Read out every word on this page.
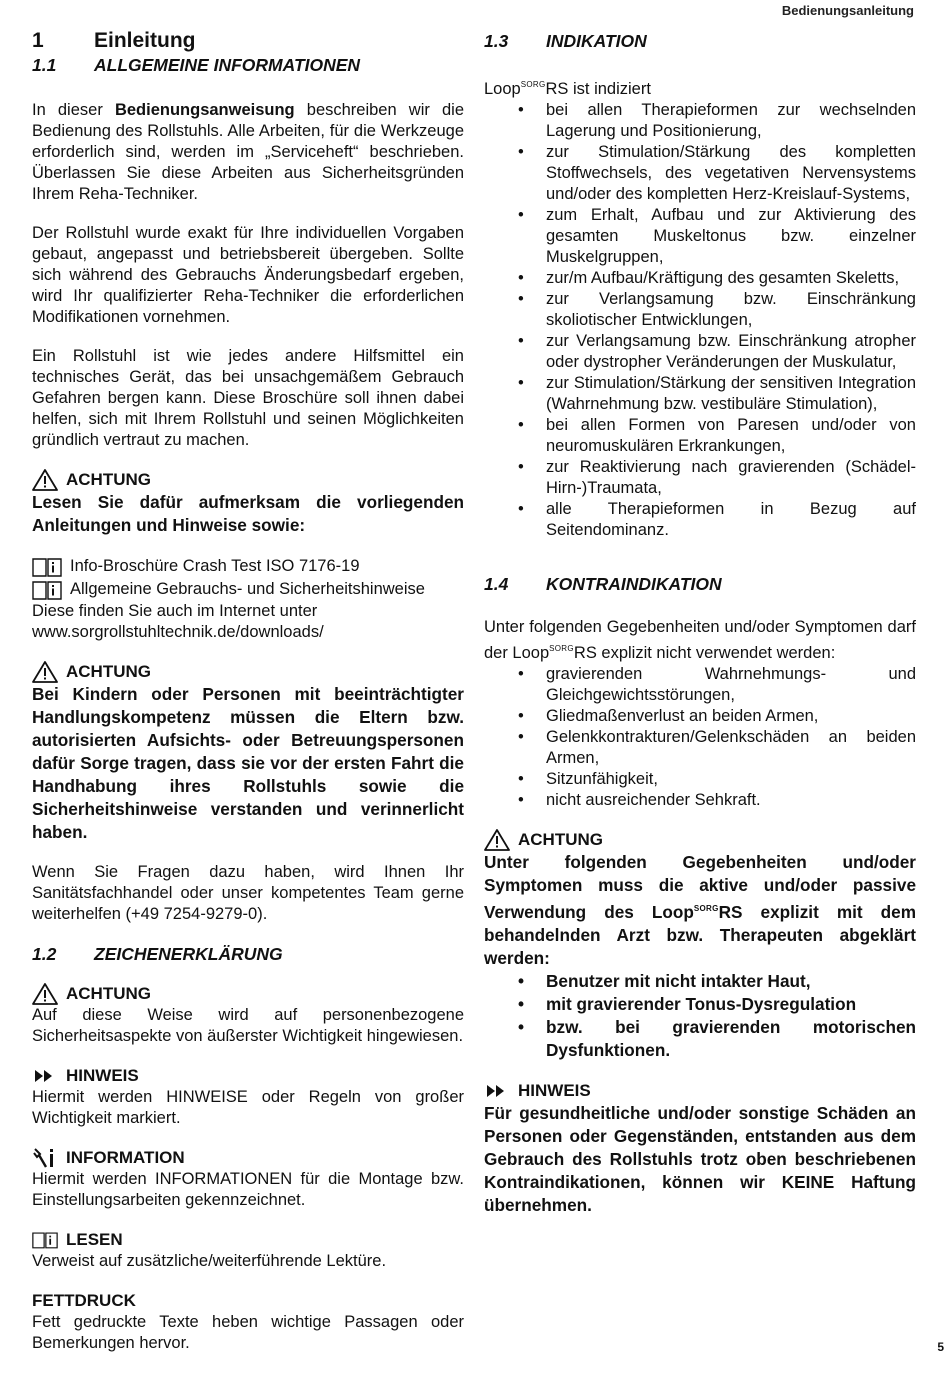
Bedienungsanleitung
1	Einleitung
1.1	ALLGEMEINE INFORMATIONEN

In dieser Bedienungsanweisung beschreiben wir die Bedienung des Rollstuhls. Alle Arbeiten, für die Werkzeuge erforderlich sind, werden im „Serviceheft“ beschrieben. Überlassen Sie diese Arbeiten aus Sicherheitsgründen Ihrem Reha-Techniker.

Der Rollstuhl wurde exakt für Ihre individuellen Vorgaben gebaut, angepasst und betriebsbereit übergeben. Sollte sich während des Gebrauchs Änderungsbedarf ergeben, wird Ihr qualifizierter Reha-Techniker die erforderlichen Modifikationen vornehmen.

Ein Rollstuhl ist wie jedes andere Hilfsmittel ein technisches Gerät, das bei unsachgemäßem Gebrauch Gefahren bergen kann. Diese Broschüre soll ihnen dabei helfen, sich mit Ihrem Rollstuhl und seinen Möglichkeiten gründlich vertraut zu machen.

ACHTUNG

Lesen Sie dafür aufmerksam die vorliegenden Anleitungen und Hinweise sowie:

Info-Broschüre Crash Test ISO 7176-19
Allgemeine Gebrauchs- und Sicherheitshinweise

Diese finden Sie auch im Internet unter

www.sorgrollstuhltechnik.de/downloads/

ACHTUNG

Bei Kindern oder Personen mit beeinträchtigter Handlungskompetenz müssen die Eltern bzw. autorisierten Aufsichts- oder Betreuungspersonen dafür Sorge tragen, dass sie vor der ersten Fahrt die Handhabung ihres Rollstuhls sowie die Sicherheitshinweise verstanden und verinnerlicht haben.

Wenn Sie Fragen dazu haben, wird Ihnen Ihr Sanitätsfachhandel oder unser kompetentes Team gerne weiterhelfen (+49 7254-9279-0).

1.2	ZEICHENERKLÄRUNG
ACHTUNG

Auf diese Weise wird auf personenbezogene Sicherheitsaspekte von äußerster Wichtigkeit hingewiesen.

HINWEIS

Hiermit werden HINWEISE oder Regeln von großer Wichtigkeit markiert.

INFORMATION

Hiermit werden INFORMATIONEN für die Montage bzw. Einstellungsarbeiten gekennzeichnet.

LESEN

Verweist auf zusätzliche/weiterführende Lektüre.

FETTDRUCK

Fett gedruckte Texte heben wichtige Passagen oder Bemerkungen hervor.

1.3	INDIKATION

Loop$^{SORG}$RS ist indiziert

• bei allen Therapieformen zur wechselnden Lagerung und Positionierung,
• zur Stimulation/Stärkung des kompletten Stoffwechsels, des vegetativen Nervensystems und/oder des kompletten Herz-Kreislauf-Systems,
• zum Erhalt, Aufbau und zur Aktivierung des gesamten Muskeltonus bzw. einzelner Muskelgruppen,
• zur/m Aufbau/Kräftigung des gesamten Skeletts,
• zur Verlangsamung bzw. Einschränkung skoliotischer Entwicklungen,
• zur Verlangsamung bzw. Einschränkung atropher oder dystropher Veränderungen der Muskulatur,
• zur Stimulation/Stärkung der sensitiven Integration (Wahrnehmung bzw. vestibuläre Stimulation),
• bei allen Formen von Paresen und/oder von neuromuskulären Erkrankungen,
• zur Reaktivierung nach gravierenden (Schädel-Hirn-)Traumata,
• alle Therapieformen in Bezug auf Seitendominanz.
1.4	KONTRAINDIKATION

Unter folgenden Gegebenheiten und/oder Symptomen darf der Loop$^{SORG}$RS explizit nicht verwendet werden:

• gravierenden Wahrnehmungs- und Gleichgewichtsstörungen,
• Gliedmaßenverlust an beiden Armen,
• Gelenkkontrakturen/Gelenkschäden an beiden Armen,
• Sitzunfähigkeit,
• nicht ausreichender Sehkraft.
ACHTUNG

Unter folgenden Gegebenheiten und/oder Symptomen muss die aktive und/oder passive Verwendung des Loop$^{SORG}$RS explizit mit dem behandelnden Arzt bzw. Therapeuten abgeklärt werden:

• Benutzer mit nicht intakter Haut,
• mit gravierender Tonus-Dysregulation
• bzw. bei gravierenden motorischen Dysfunktionen.
HINWEIS

Für gesundheitliche und/oder sonstige Schäden an Personen oder Gegenständen, entstanden aus dem Gebrauch des Rollstuhls trotz oben beschriebenen Kontraindikationen, können wir KEINE Haftung übernehmen.

5
